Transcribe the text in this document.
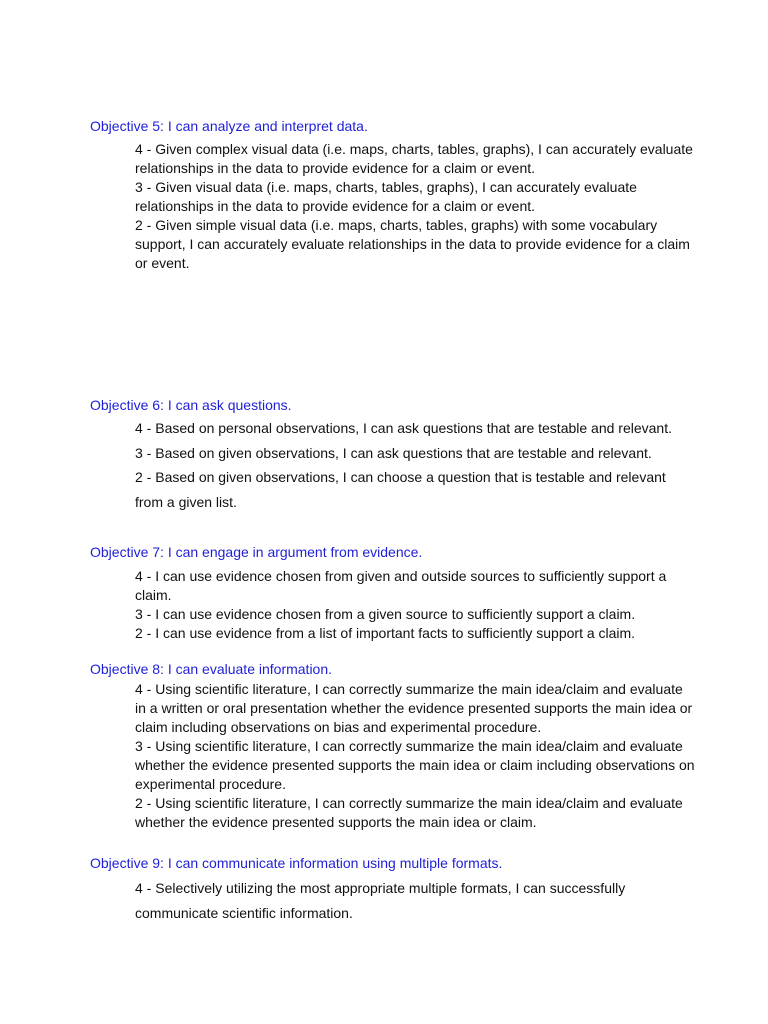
Objective 5: I can analyze and interpret data.
4 - Given complex visual data (i.e. maps, charts, tables, graphs), I can accurately evaluate relationships in the data to provide evidence for a claim or event.
3 - Given visual data (i.e. maps, charts, tables, graphs), I can accurately evaluate relationships in the data to provide evidence for a claim or event.
2 - Given simple visual data (i.e. maps, charts, tables, graphs) with some vocabulary support, I can accurately evaluate relationships in the data to provide evidence for a claim or event.
Objective 6: I can ask questions.
4 - Based on personal observations, I can ask questions that are testable and relevant.
3 - Based on given observations, I can ask questions that are testable and relevant.
2 - Based on given observations, I can choose a question that is testable and relevant from a given list.
Objective 7: I can engage in argument from evidence.
4 - I can use evidence chosen from given and outside sources to sufficiently support a claim.
3 - I can use evidence chosen from a given source to sufficiently support a claim.
2 - I can use evidence from a list of important facts to sufficiently support a claim.
Objective 8: I can evaluate information.
4 - Using scientific literature, I can correctly summarize the main idea/claim and evaluate in a written or oral presentation whether the evidence presented supports the main idea or claim including observations on bias and experimental procedure.
3 - Using scientific literature, I can correctly summarize the main idea/claim and evaluate whether the evidence presented supports the main idea or claim including observations on experimental procedure.
2 - Using scientific literature, I can correctly summarize the main idea/claim and evaluate whether the evidence presented supports the main idea or claim.
Objective 9: I can communicate information using multiple formats.
4 - Selectively utilizing the most appropriate multiple formats, I can successfully communicate scientific information.
